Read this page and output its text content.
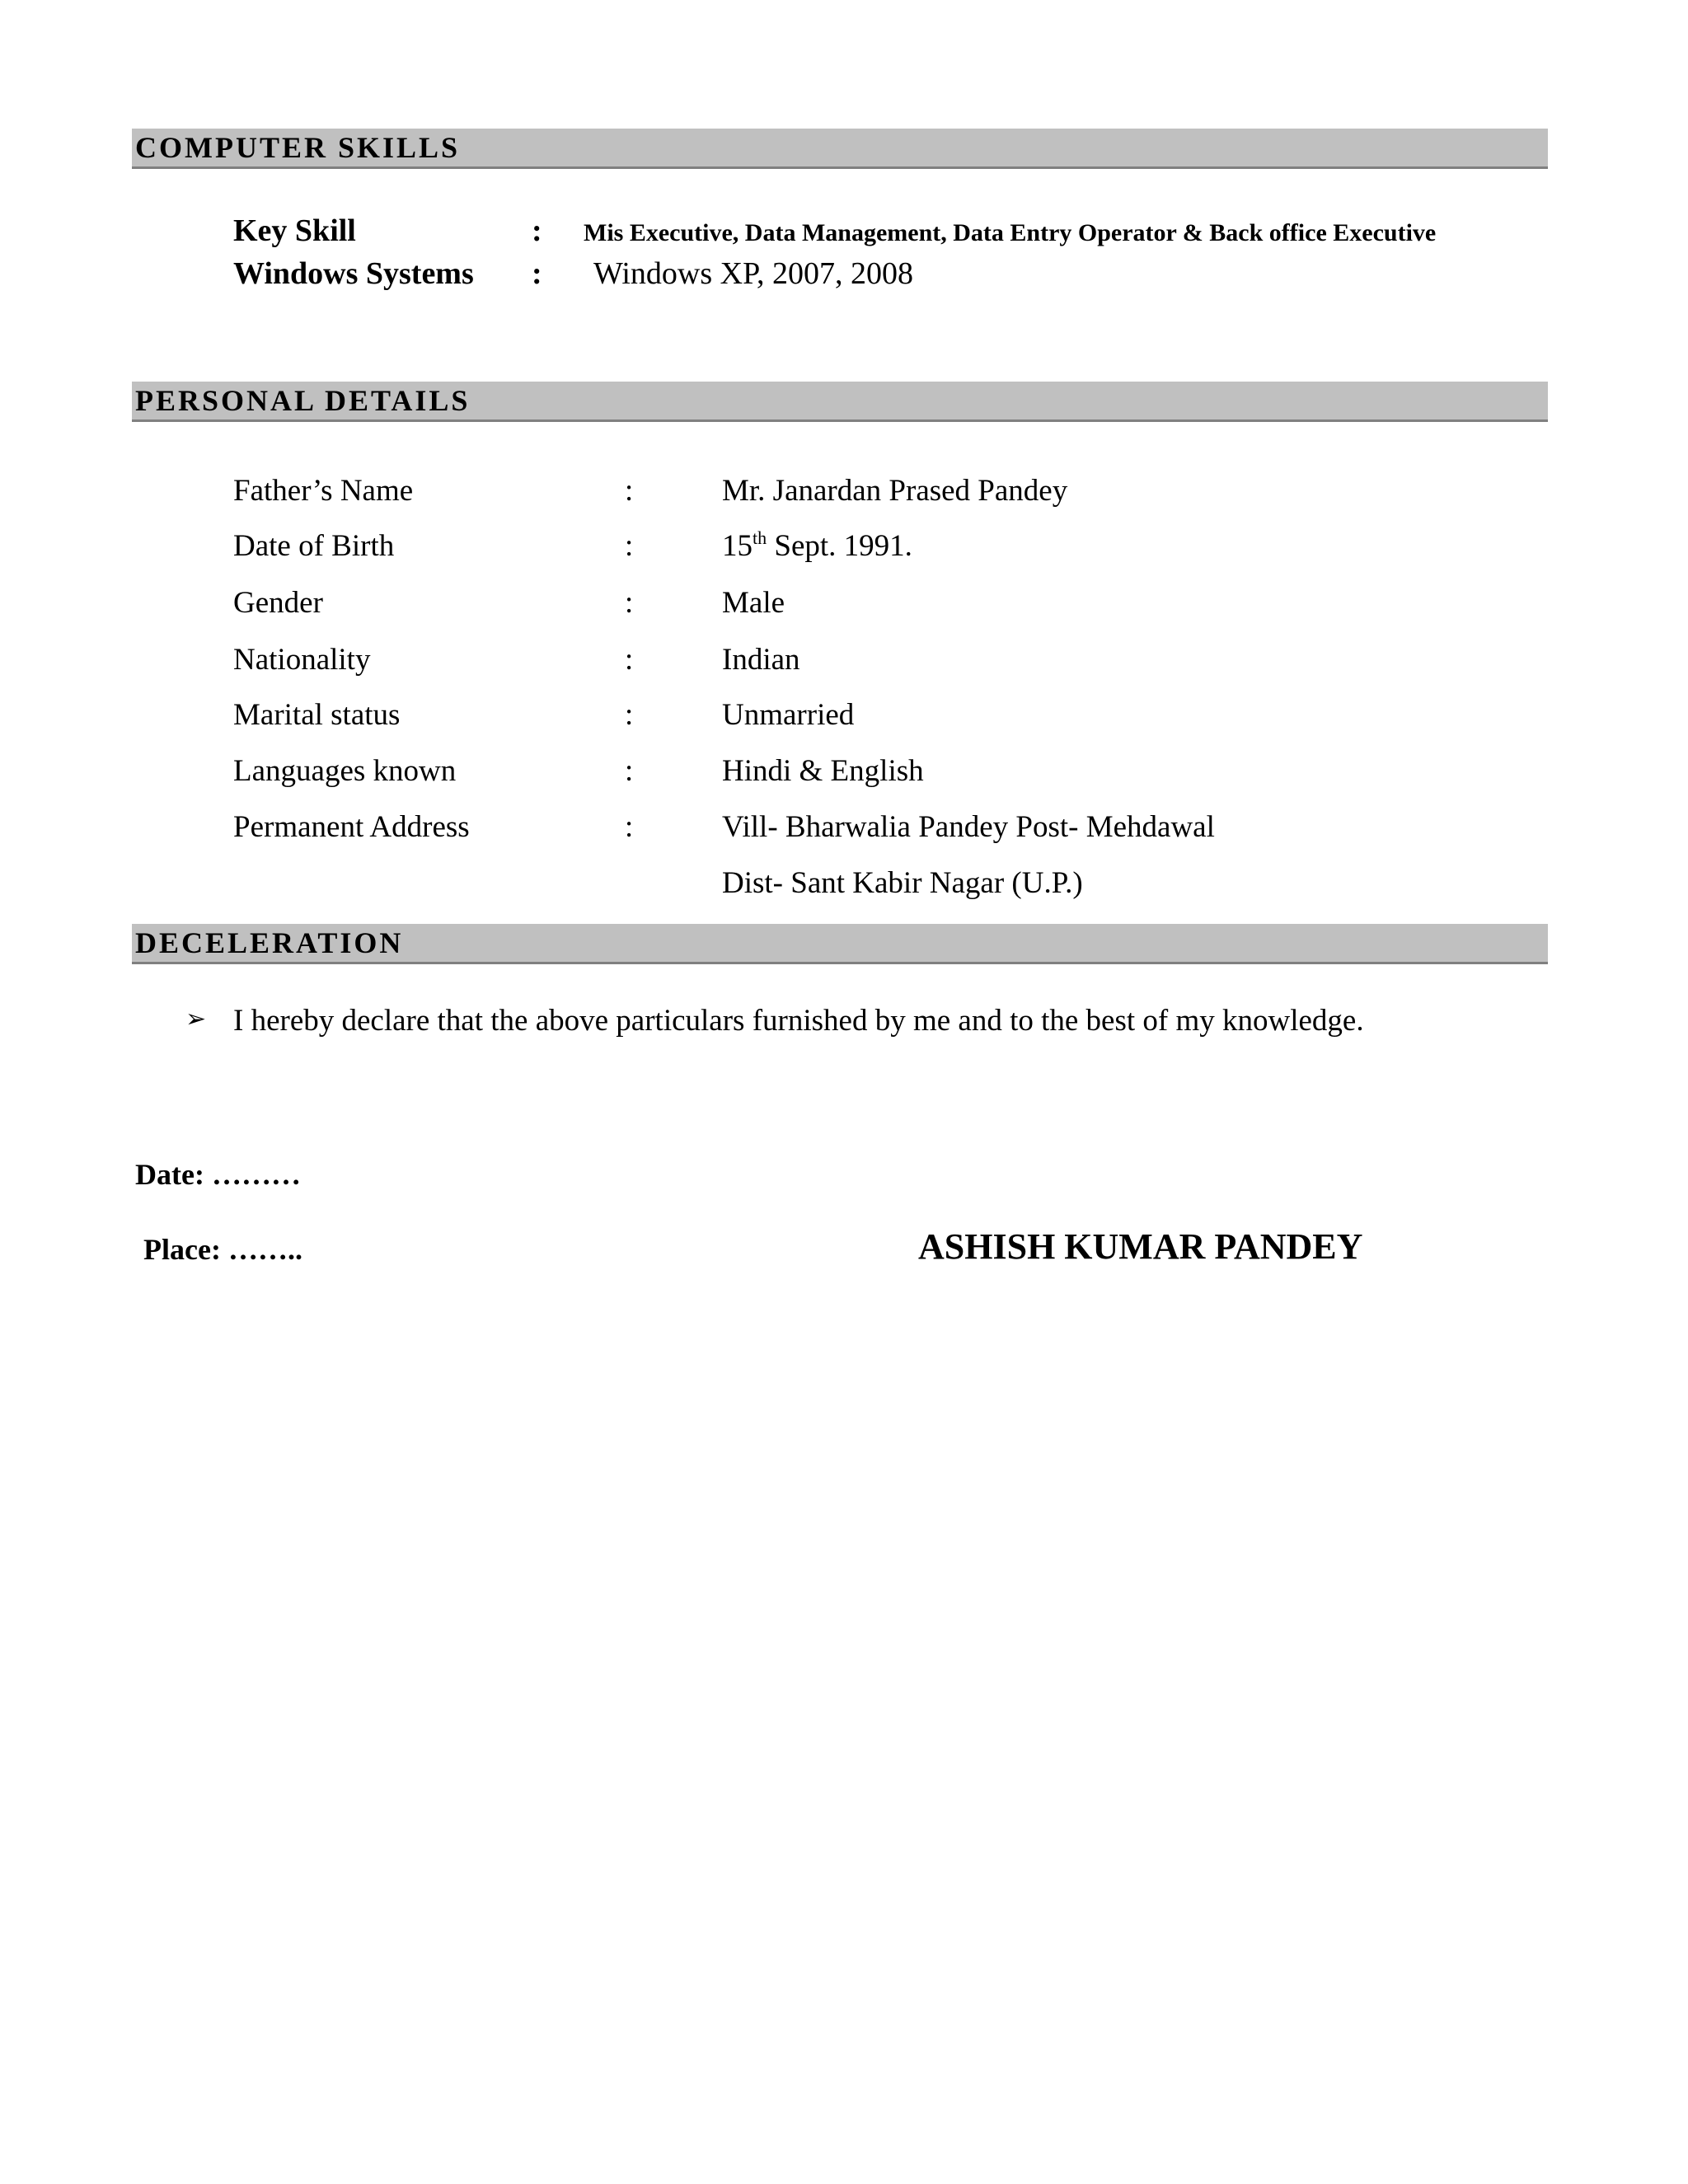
COMPUTER SKILLS
Key Skill	: Mis Executive, Data Management, Data Entry Operator & Back office Executive
Windows Systems : Windows XP, 2007, 2008
PERSONAL DETAILS
Father’s Name	:	Mr. Janardan Prased Pandey
Date of Birth	:	15th Sept. 1991.
Gender	:	Male
Nationality	:	Indian
Marital status	:	Unmarried
Languages known	:	Hindi & English
Permanent Address	:	Vill- Bharwalia Pandey Post- Mehdawal
Dist- Sant Kabir Nagar (U.P.)
DECELERATION
➢ I hereby declare that the above particulars furnished by me and to the best of my knowledge.
Date: ………
Place: ……..	ASHISH KUMAR PANDEY
